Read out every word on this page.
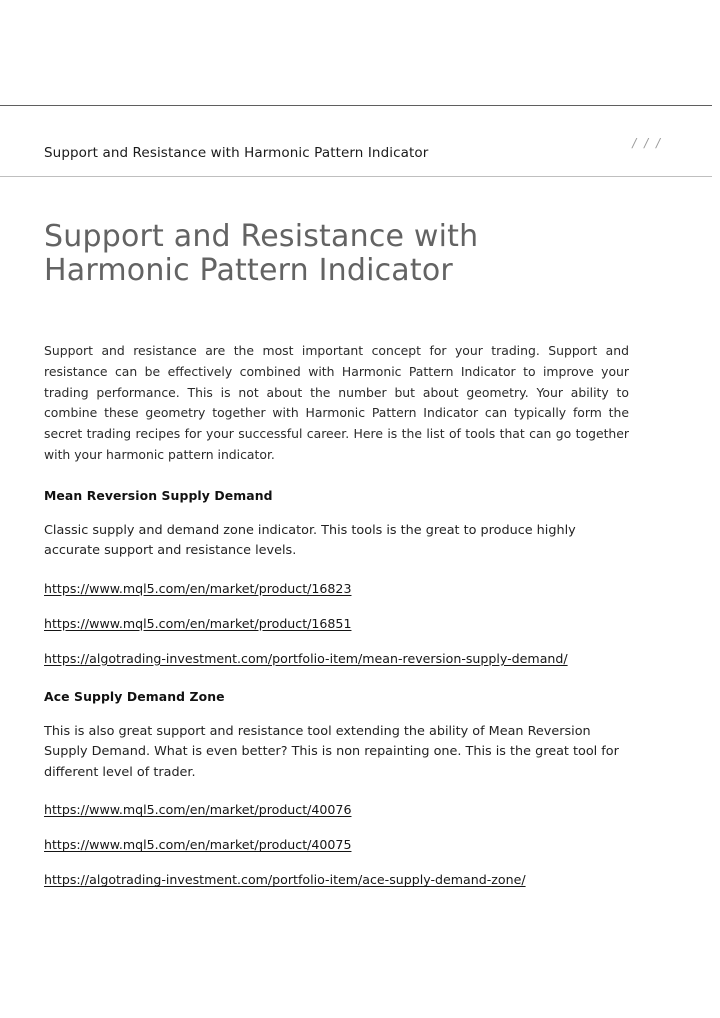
Support and Resistance with Harmonic Pattern Indicator
/ / /
Support and Resistance with
Harmonic Pattern Indicator

Support and resistance are the most important concept for your trading. Support and resistance can be effectively combined with Harmonic Pattern Indicator to improve your trading performance. This is not about the number but about geometry. Your ability to combine these geometry together with Harmonic Pattern Indicator can typically form the secret trading recipes for your successful career. Here is the list of tools that can go together with your harmonic pattern indicator.

Mean Reversion Supply Demand

Classic supply and demand zone indicator. This tools is the great to produce highly accurate support and resistance levels.

https://www.mql5.com/en/market/product/16823
https://www.mql5.com/en/market/product/16851
https://algotrading-investment.com/portfolio-item/mean-reversion-supply-demand/
Ace Supply Demand Zone

This is also great support and resistance tool extending the ability of Mean Reversion Supply Demand. What is even better? This is non repainting one. This is the great tool for different level of trader.

https://www.mql5.com/en/market/product/40076
https://www.mql5.com/en/market/product/40075
https://algotrading-investment.com/portfolio-item/ace-supply-demand-zone/
